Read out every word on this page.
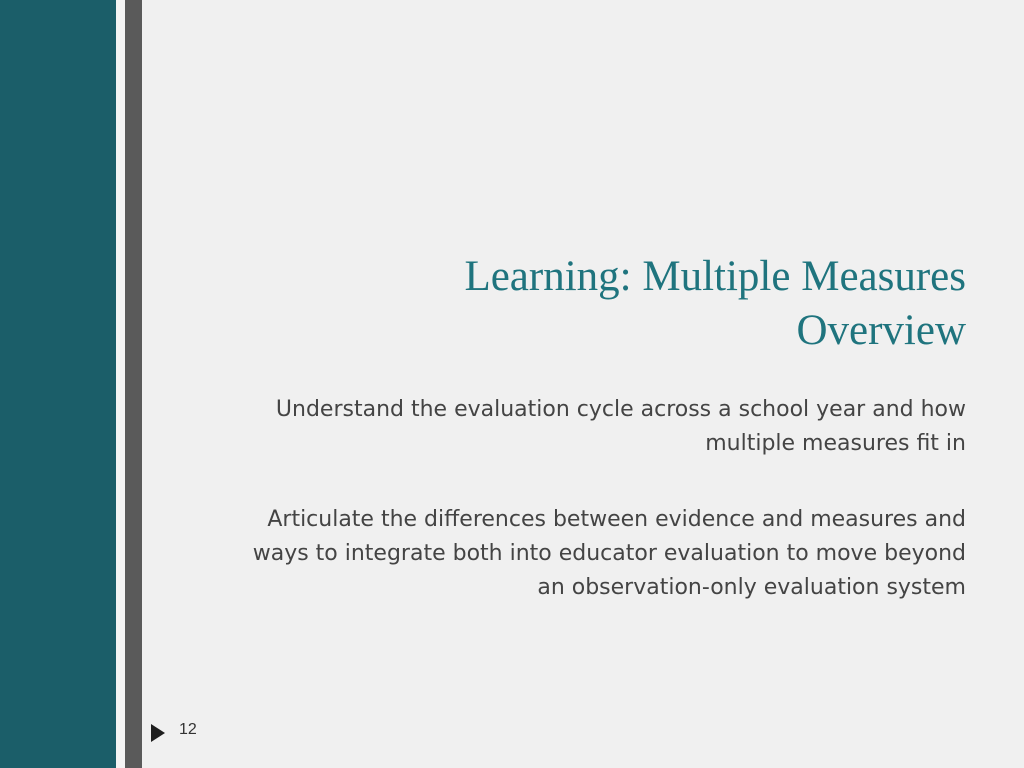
Learning: Multiple Measures
Overview
Understand the evaluation cycle across a school year and how
multiple measures fit in
Articulate the differences between evidence and measures and
ways to integrate both into educator evaluation to move beyond
an observation-only evaluation system
12
